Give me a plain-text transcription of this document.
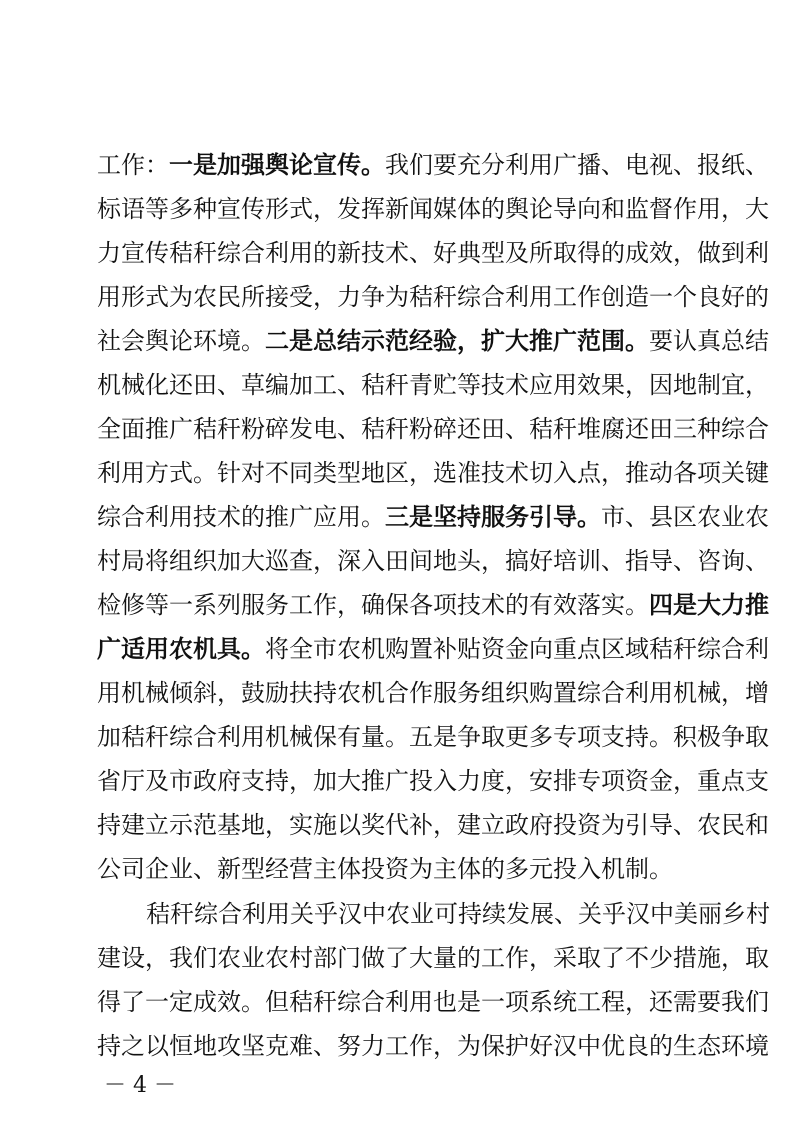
工作：一是加强舆论宣传。我们要充分利用广播、电视、报纸、
标语等多种宣传形式，发挥新闻媒体的舆论导向和监督作用，大
力宣传秸秆综合利用的新技术、好典型及所取得的成效，做到利
用形式为农民所接受，力争为秸秆综合利用工作创造一个良好的
社会舆论环境。二是总结示范经验，扩大推广范围。要认真总结
机械化还田、草编加工、秸秆青贮等技术应用效果，因地制宜，
全面推广秸秆粉碎发电、秸秆粉碎还田、秸秆堆腐还田三种综合
利用方式。针对不同类型地区，选准技术切入点，推动各项关键
综合利用技术的推广应用。三是坚持服务引导。市、县区农业农
村局将组织加大巡查，深入田间地头，搞好培训、指导、咨询、
检修等一系列服务工作，确保各项技术的有效落实。四是大力推
广适用农机具。将全市农机购置补贴资金向重点区域秸秆综合利
用机械倾斜，鼓励扶持农机合作服务组织购置综合利用机械，增
加秸秆综合利用机械保有量。五是争取更多专项支持。积极争取
省厅及市政府支持，加大推广投入力度，安排专项资金，重点支
持建立示范基地，实施以奖代补，建立政府投资为引导、农民和
公司企业、新型经营主体投资为主体的多元投入机制。
秸秆综合利用关乎汉中农业可持续发展、关乎汉中美丽乡村
建设，我们农业农村部门做了大量的工作，采取了不少措施，取
得了一定成效。但秸秆综合利用也是一项系统工程，还需要我们
持之以恒地攻坚克难、努力工作，为保护好汉中优良的生态环境
－ 4 －
